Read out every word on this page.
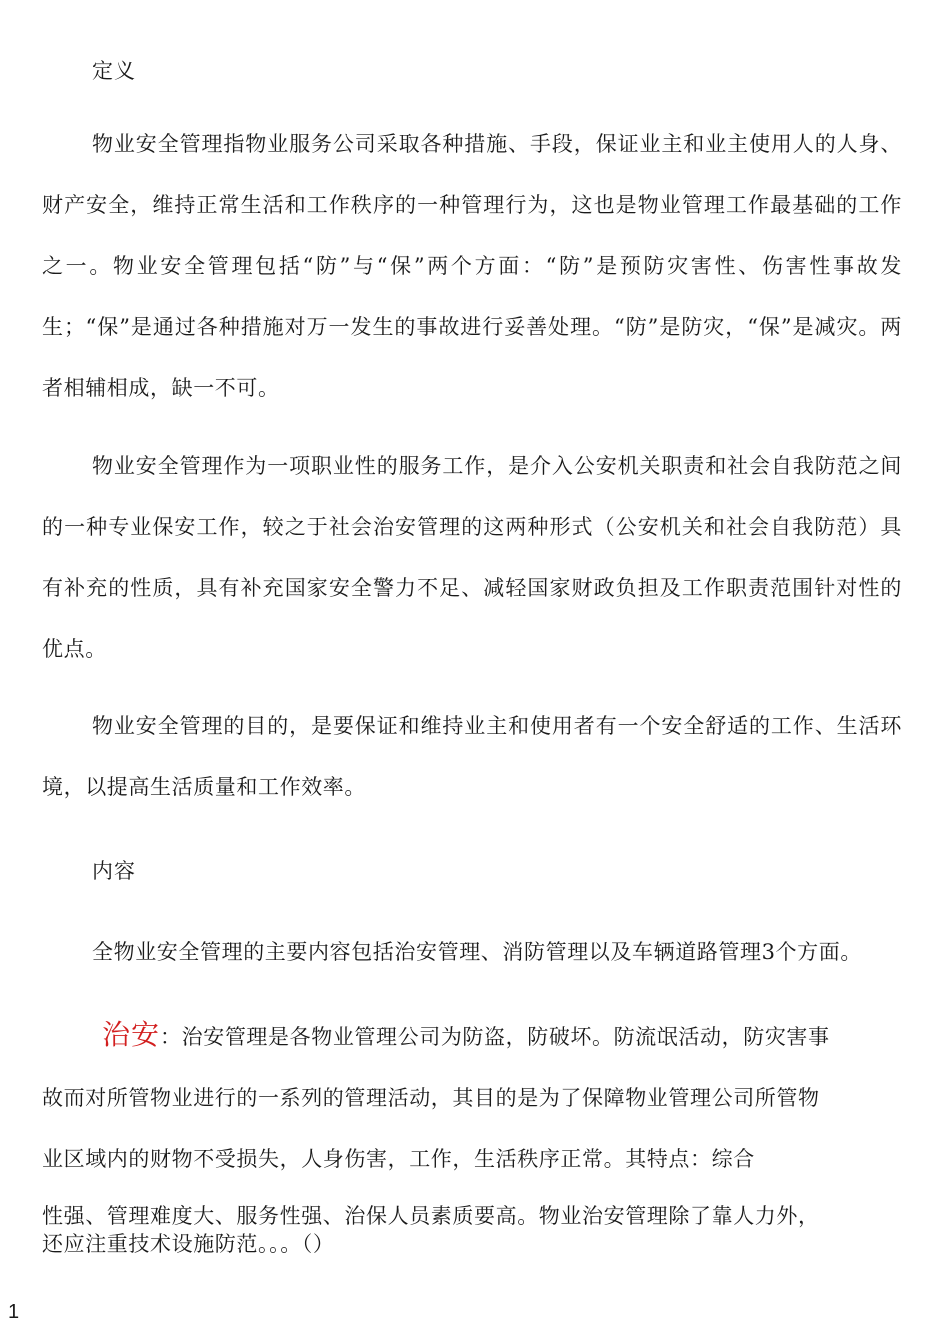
定义

物业安全管理指物业服务公司采取各种措施、手段，保证业主和业主使用人的人身、财产安全，维持正常生活和工作秩序的一种管理行为，这也是物业管理工作最基础的工作之一。物业安全管理包括“防”与“保”两个方面：“防”是预防灾害性、伤害性事故发生；“保”是通过各种措施对万一发生的事故进行妥善处理。“防”是防灾，“保”是减灾。两者相辅相成，缺一不可。

物业安全管理作为一项职业性的服务工作，是介入公安机关职责和社会自我防范之间的一种专业保安工作，较之于社会治安管理的这两种形式（公安机关和社会自我防范）具有补充的性质，具有补充国家安全警力不足、减轻国家财政负担及工作职责范围针对性的优点。

物业安全管理的目的，是要保证和维持业主和使用者有一个安全舒适的工作、生活环境，以提高生活质量和工作效率。

内容

全物业安全管理的主要内容包括治安管理、消防管理以及车辆道路管理3个方面。

治安：治安管理是各物业管理公司为防盗，防破坏。防流氓活动，防灾害事

故而对所管物业进行的一系列的管理活动，其目的是为了保障物业管理公司所管物

业区域内的财物不受损失，人身伤害，工作，生活秩序正常。其特点：综合

性强、管理难度大、服务性强、治保人员素质要高。物业治安管理除了靠人力外，

还应注重技术设施防范。。。（）

1
